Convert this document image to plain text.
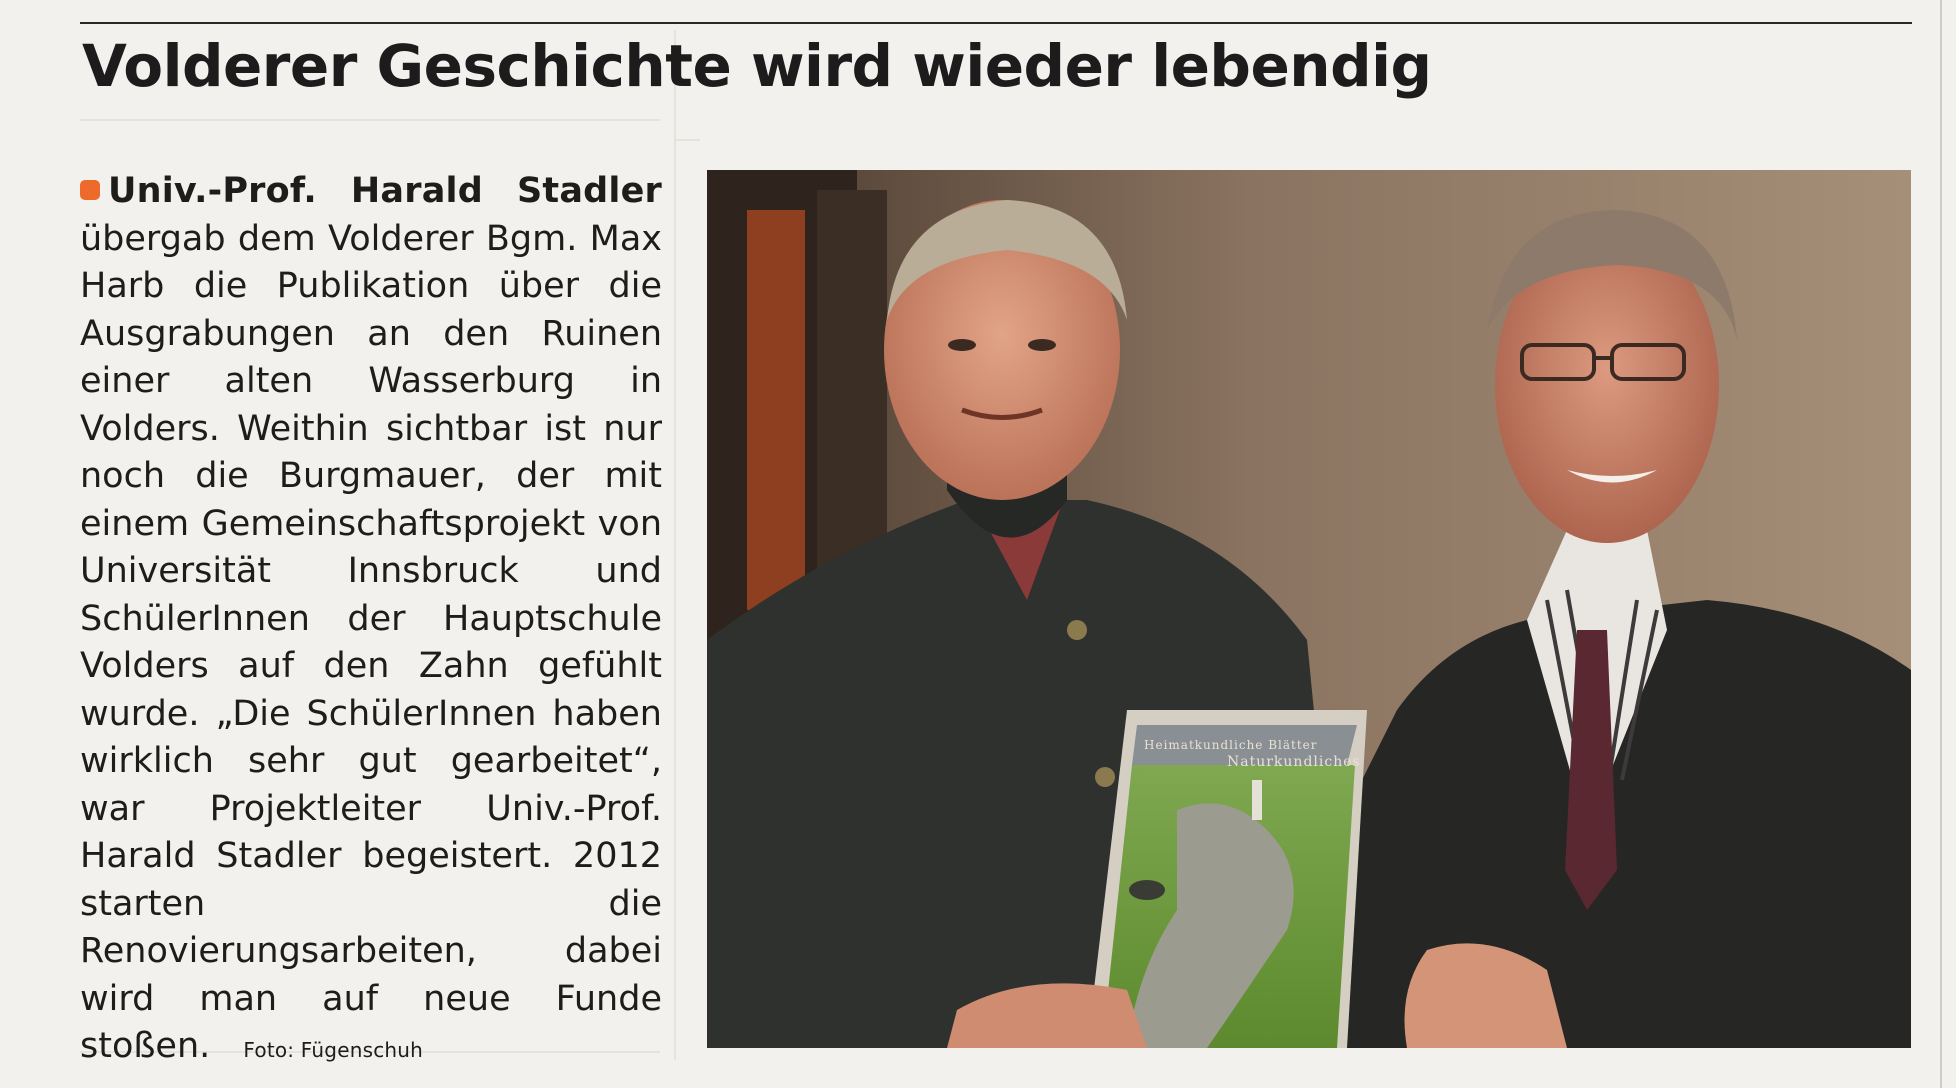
Volderer Geschichte wird wieder lebendig
Univ.-Prof. Harald Stadler übergab dem Volderer Bgm. Max Harb die Publikation über die Ausgrabungen an den Ruinen einer alten Wasserburg in Volders. Weithin sichtbar ist nur noch die Burgmauer, der mit einem Gemeinschaftsprojekt von Universität Innsbruck und SchülerInnen der Hauptschule Volders auf den Zahn gefühlt wurde. „Die SchülerInnen haben wirklich sehr gut gearbeitet“, war Projektleiter Univ.-Prof. Harald Stadler begeistert. 2012 starten die Renovierungsarbeiten, dabei wird man auf neue Funde stoßen. Foto: Fügenschuh
Heimatkundliche Blätter
Naturkundliches
